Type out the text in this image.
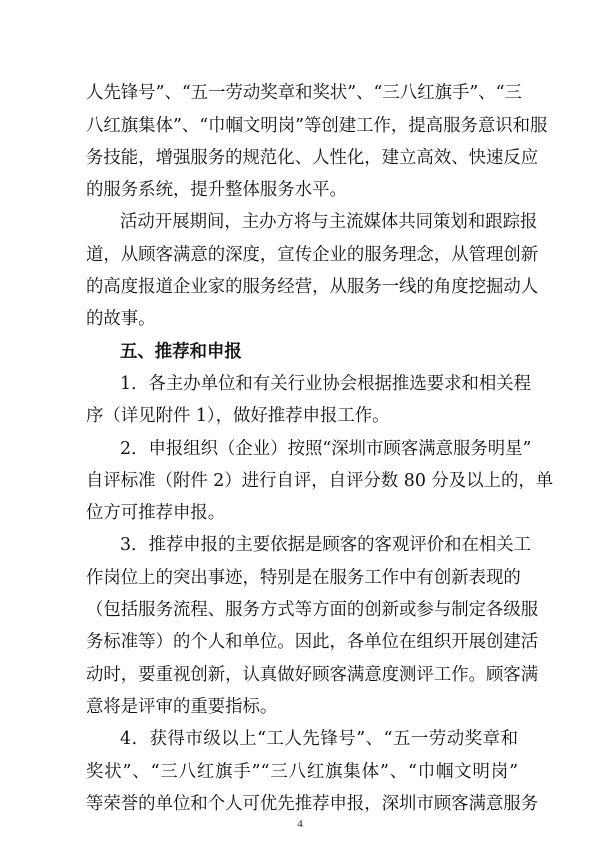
人先锋号”、“五一劳动奖章和奖状”、“三八红旗手”、“三
八红旗集体”、“巾帼文明岗”等创建工作，提高服务意识和服
务技能，增强服务的规范化、人性化，建立高效、快速反应
的服务系统，提升整体服务水平。
活动开展期间，主办方将与主流媒体共同策划和跟踪报
道，从顾客满意的深度，宣传企业的服务理念，从管理创新
的高度报道企业家的服务经营，从服务一线的角度挖掘动人
的故事。
五、推荐和申报
1．各主办单位和有关行业协会根据推选要求和相关程
序（详见附件 1），做好推荐申报工作。
2．申报组织（企业）按照“深圳市顾客满意服务明星”
自评标准（附件 2）进行自评，自评分数 80 分及以上的，单
位方可推荐申报。
3．推荐申报的主要依据是顾客的客观评价和在相关工
作岗位上的突出事迹，特别是在服务工作中有创新表现的
（包括服务流程、服务方式等方面的创新或参与制定各级服
务标准等）的个人和单位。因此，各单位在组织开展创建活
动时，要重视创新，认真做好顾客满意度测评工作。顾客满
意将是评审的重要指标。
4．获得市级以上“工人先锋号”、“五一劳动奖章和
奖状”、“三八红旗手”“三八红旗集体”、“巾帼文明岗”
等荣誉的单位和个人可优先推荐申报，深圳市顾客满意服务
4
